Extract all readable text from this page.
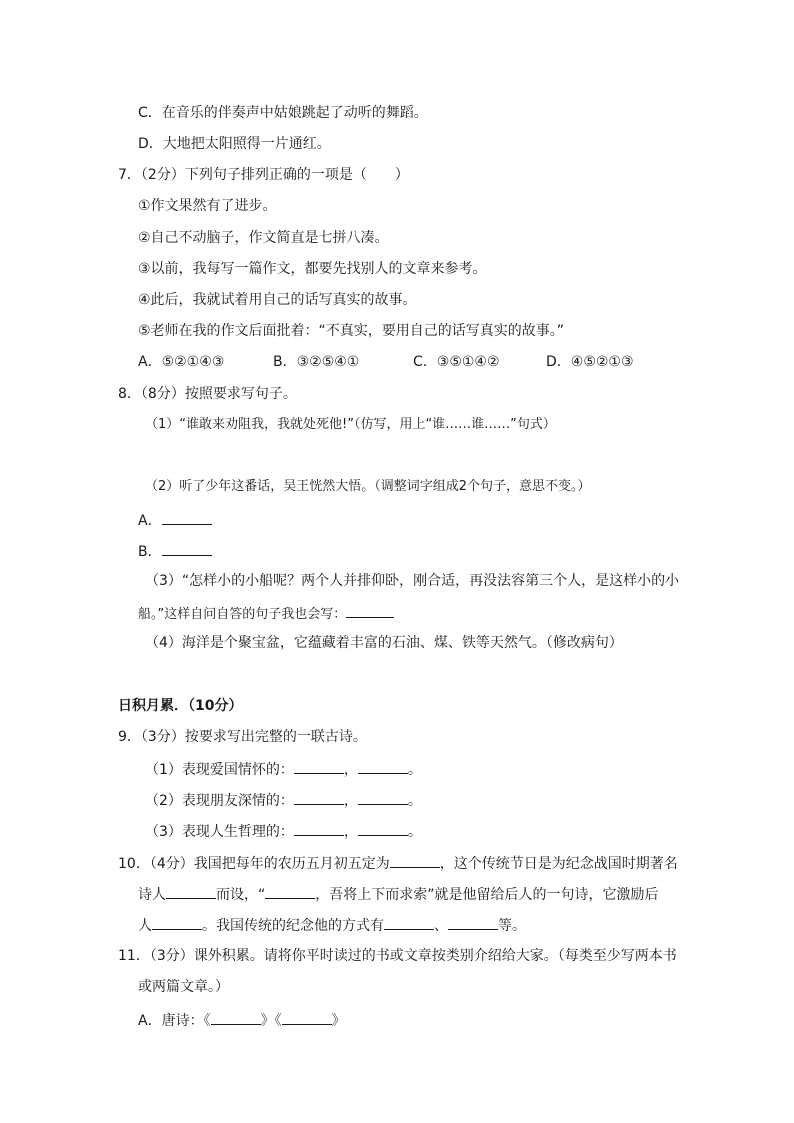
C．在音乐的伴奏声中姑娘跳起了动听的舞蹈。
D．大地把太阳照得一片通红。
7．（2分）下列句子排列正确的一项是（　　）
①作文果然有了进步。
②自己不动脑子，作文简直是七拼八凑。
③以前，我每写一篇作文，都要先找别人的文章来参考。
④此后，我就试着用自己的话写真实的故事。
⑤老师在我的作文后面批着：“不真实，要用自己的话写真实的故事。”
A．⑤②①④③	B．③②⑤④①	C．③⑤①④②	D．④⑤②①③
8．（8分）按照要求写句子。
（1）“谁敢来劝阻我，我就处死他!”（仿写，用上“谁……谁……”句式）
（2）听了少年这番话，吴王恍然大悟。（调整词字组成2个句子，意思不变。）
A．
B．
（3）“怎样小的小船呢？两个人并排仰卧，刚合适，再没法容第三个人，是这样小的小
船。”这样自问自答的句子我也会写：
（4）海洋是个聚宝盆，它蕴藏着丰富的石油、煤、铁等天然气。（修改病句）
日积月累．（10分）
9．（3分）按要求写出完整的一联古诗。
（1）表现爱国情怀的：	，	。
（2）表现朋友深情的：	，	。
（3）表现人生哲理的：	，	。
10．（4分）我国把每年的农历五月初五定为	，这个传统节日是为纪念战国时期著名
诗人	而设，“	，吾将上下而求索”就是他留给后人的一句诗，它激励后
人	。我国传统的纪念他的方式有	、	等。
11．（3分）课外积累。请将你平时读过的书或文章按类别介绍给大家。（每类至少写两本书
或两篇文章。）
A．唐诗：《	》《	》
